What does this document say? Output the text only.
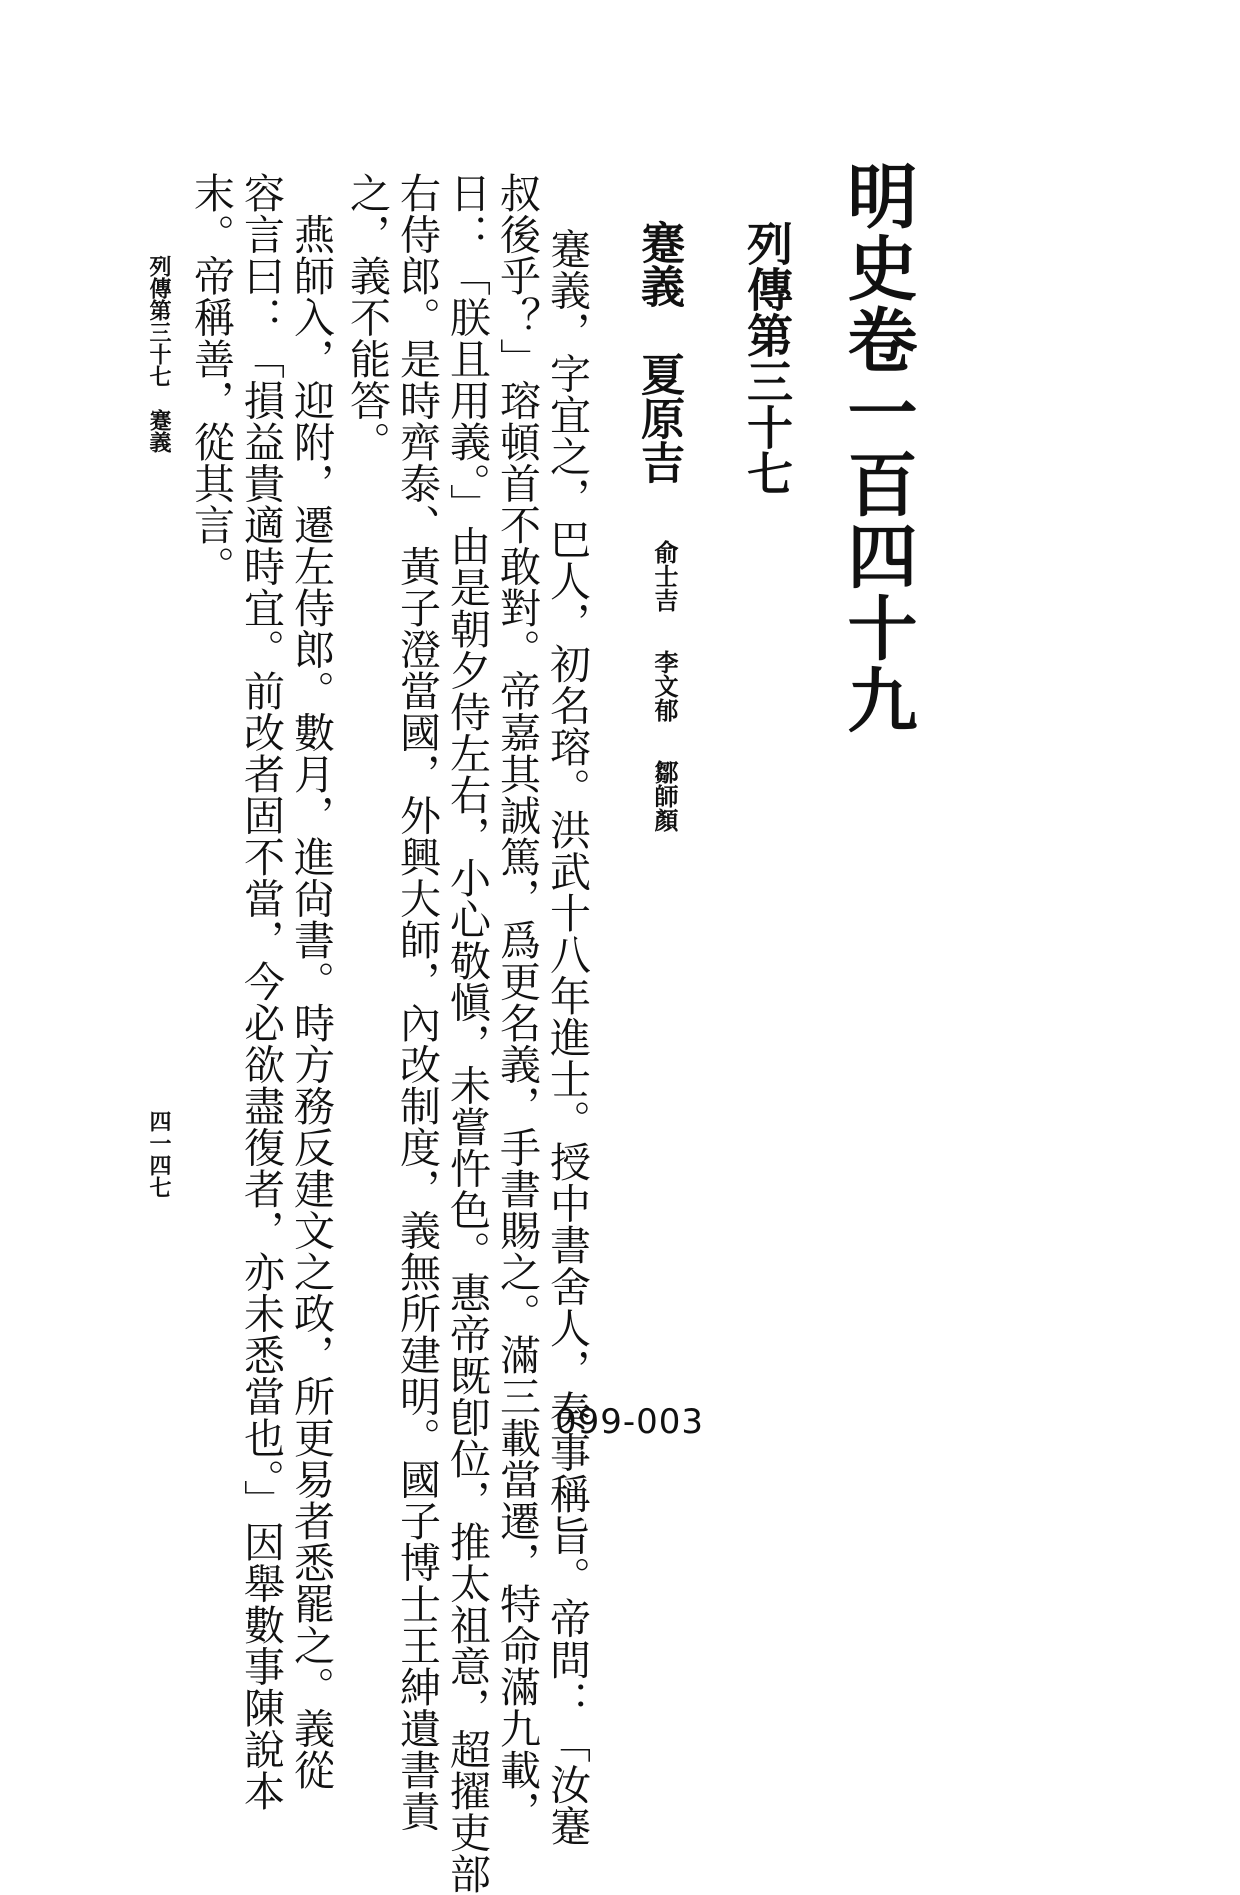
明史卷一百四十九
列傳第三十七
蹇義　夏原吉
俞士吉
李文郁
鄒師顏
蹇義，字宜之，巴人，初名瑢。洪武十八年進士。授中書舍人，奏事稱旨。帝問：「汝蹇
叔後乎？」瑢頓首不敢對。帝嘉其誠篤，爲更名義，手書賜之。滿三載當遷，特命滿九載，
日：「朕且用義。」由是朝夕侍左右，小心敬愼，未嘗忤色。惠帝既卽位，推太祖意，超擢吏部
右侍郎。是時齊泰、黃子澄當國，外興大師，內改制度，義無所建明。國子博士王紳遺書責
之，義不能答。
　燕師入，迎附，遷左侍郎。數月，進尙書。時方務反建文之政，所更易者悉罷之。義從
容言曰：「損益貴適時宜。前改者固不當，今必欲盡復者，亦未悉當也。」因舉數事陳說本
末。帝稱善，從其言。
列傳第三十七　蹇義
四一四七
099-003
